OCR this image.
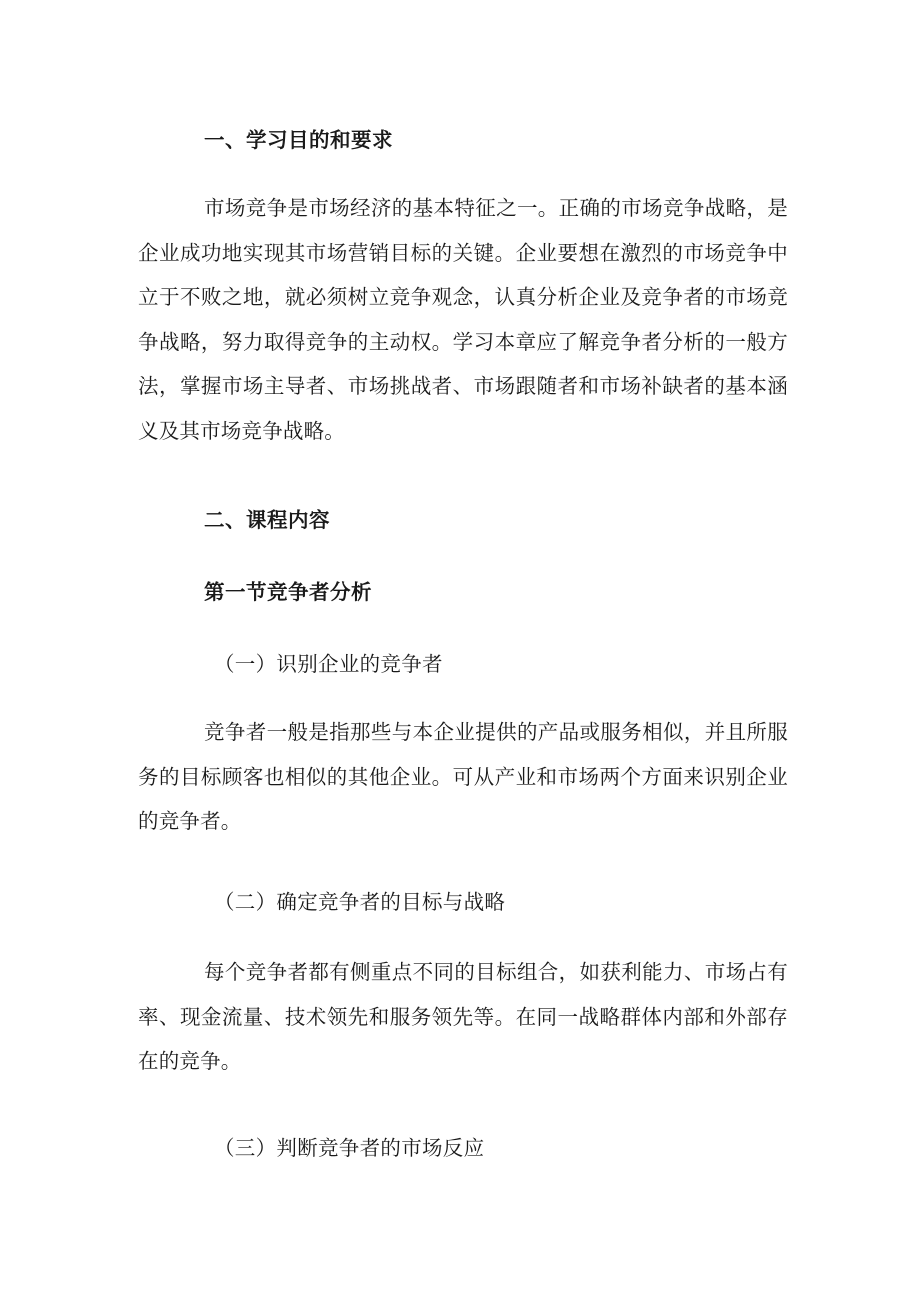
一、学习目的和要求
市场竞争是市场经济的基本特征之一。正确的市场竞争战略，是企业成功地实现其市场营销目标的关键。企业要想在激烈的市场竞争中立于不败之地，就必须树立竞争观念，认真分析企业及竞争者的市场竞争战略，努力取得竞争的主动权。学习本章应了解竞争者分析的一般方法，掌握市场主导者、市场挑战者、市场跟随者和市场补缺者的基本涵义及其市场竞争战略。
二、课程内容
第一节竞争者分析
（一）识别企业的竞争者
竞争者一般是指那些与本企业提供的产品或服务相似，并且所服务的目标顾客也相似的其他企业。可从产业和市场两个方面来识别企业的竞争者。
（二）确定竞争者的目标与战略
每个竞争者都有侧重点不同的目标组合，如获利能力、市场占有率、现金流量、技术领先和服务领先等。在同一战略群体内部和外部存在的竞争。
（三）判断竞争者的市场反应
